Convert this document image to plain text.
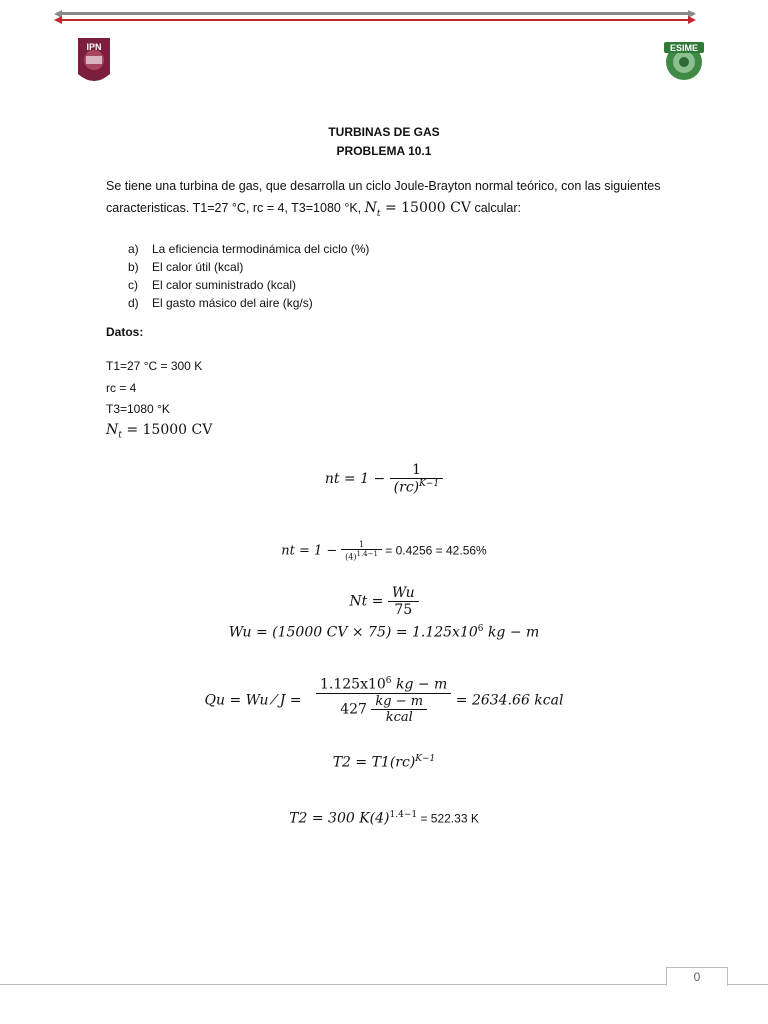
IPN	ESIME
TURBINAS DE GAS
PROBLEMA 10.1
Se tiene una turbina de gas, que desarrolla un ciclo Joule-Brayton normal teórico, con las siguientes
caracteristicas. T1=27 °C, rc = 4, T3=1080 °K, $N_t = 15000$ CV calcular:
a) La eficiencia termodinámica del ciclo (%)
b) El calor útil (kcal)
c) El calor suministrado (kcal)
d) El gasto másico del aire (kg/s)
Datos:
T1=27 °C = 300 K
rc = 4
T3=1080 °K
$N_t = 15000$ CV
nt = $1 - \frac{1}{(rc)^{K-1}}$
nt = $1 - \frac{1}{(4)^{1.4-1}} = 0.4256 = 42.56\%$
$Nt = \frac{Wu}{75}$
Wu = (15000 CV × $75) = 1.125x10^6$ kg − m
Qu = Wu ⁄ $J = \frac{1.125x10^6 kg - m}{427 \frac{kg - m}{\text{kcal}}} = 2634.66$ kcal
T2 = T1(rc)$^{K-1}$
T2 = 300 $K(4)^{1.4-1} = 522.33$ K
0
